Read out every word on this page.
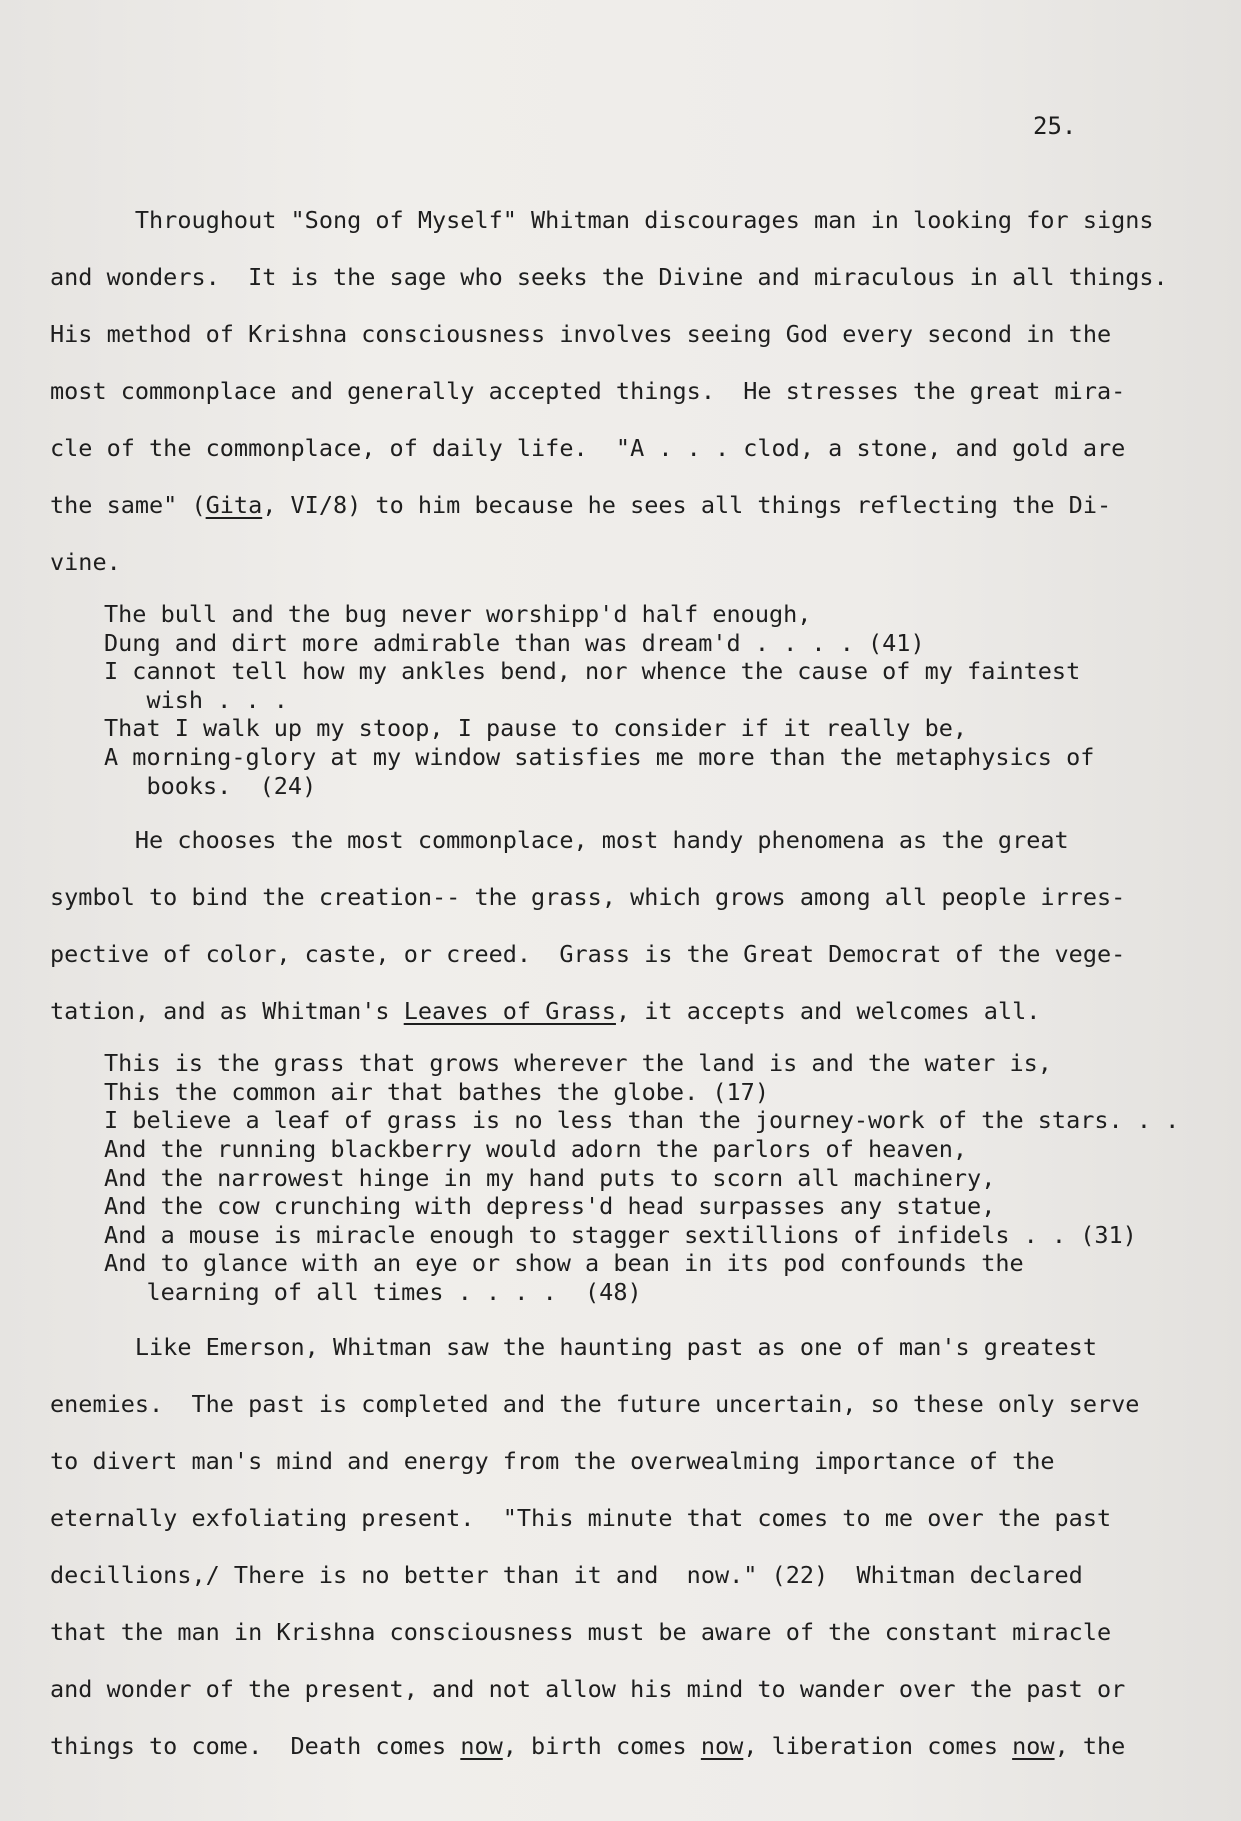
25.

Throughout "Song of Myself" Whitman discourages man in looking for signs

and wonders.  It is the sage who seeks the Divine and miraculous in all things.

His method of Krishna consciousness involves seeing God every second in the

most commonplace and generally accepted things.  He stresses the great mira-

cle of the commonplace, of daily life.  "A . . . clod, a stone, and gold are

the same" (Gita, VI/8) to him because he sees all things reflecting the Di-

vine.

The bull and the bug never worshipp'd half enough,

Dung and dirt more admirable than was dream'd . . . . (41)

I cannot tell how my ankles bend, nor whence the cause of my faintest

wish . . .

That I walk up my stoop, I pause to consider if it really be,

A morning-glory at my window satisfies me more than the metaphysics of

books.  (24)

He chooses the most commonplace, most handy phenomena as the great

symbol to bind the creation-- the grass, which grows among all people irres-

pective of color, caste, or creed.  Grass is the Great Democrat of the vege-

tation, and as Whitman's Leaves of Grass, it accepts and welcomes all.

This is the grass that grows wherever the land is and the water is,

This the common air that bathes the globe. (17)

I believe a leaf of grass is no less than the journey-work of the stars. . .

And the running blackberry would adorn the parlors of heaven,

And the narrowest hinge in my hand puts to scorn all machinery,

And the cow crunching with depress'd head surpasses any statue,

And a mouse is miracle enough to stagger sextillions of infidels . . (31)

And to glance with an eye or show a bean in its pod confounds the

learning of all times . . . .  (48)

Like Emerson, Whitman saw the haunting past as one of man's greatest

enemies.  The past is completed and the future uncertain, so these only serve

to divert man's mind and energy from the overwealming importance of the

eternally exfoliating present.  "This minute that comes to me over the past

decillions,/ There is no better than it and  now." (22)  Whitman declared

that the man in Krishna consciousness must be aware of the constant miracle

and wonder of the present, and not allow his mind to wander over the past or

things to come.  Death comes now, birth comes now, liberation comes now, the
